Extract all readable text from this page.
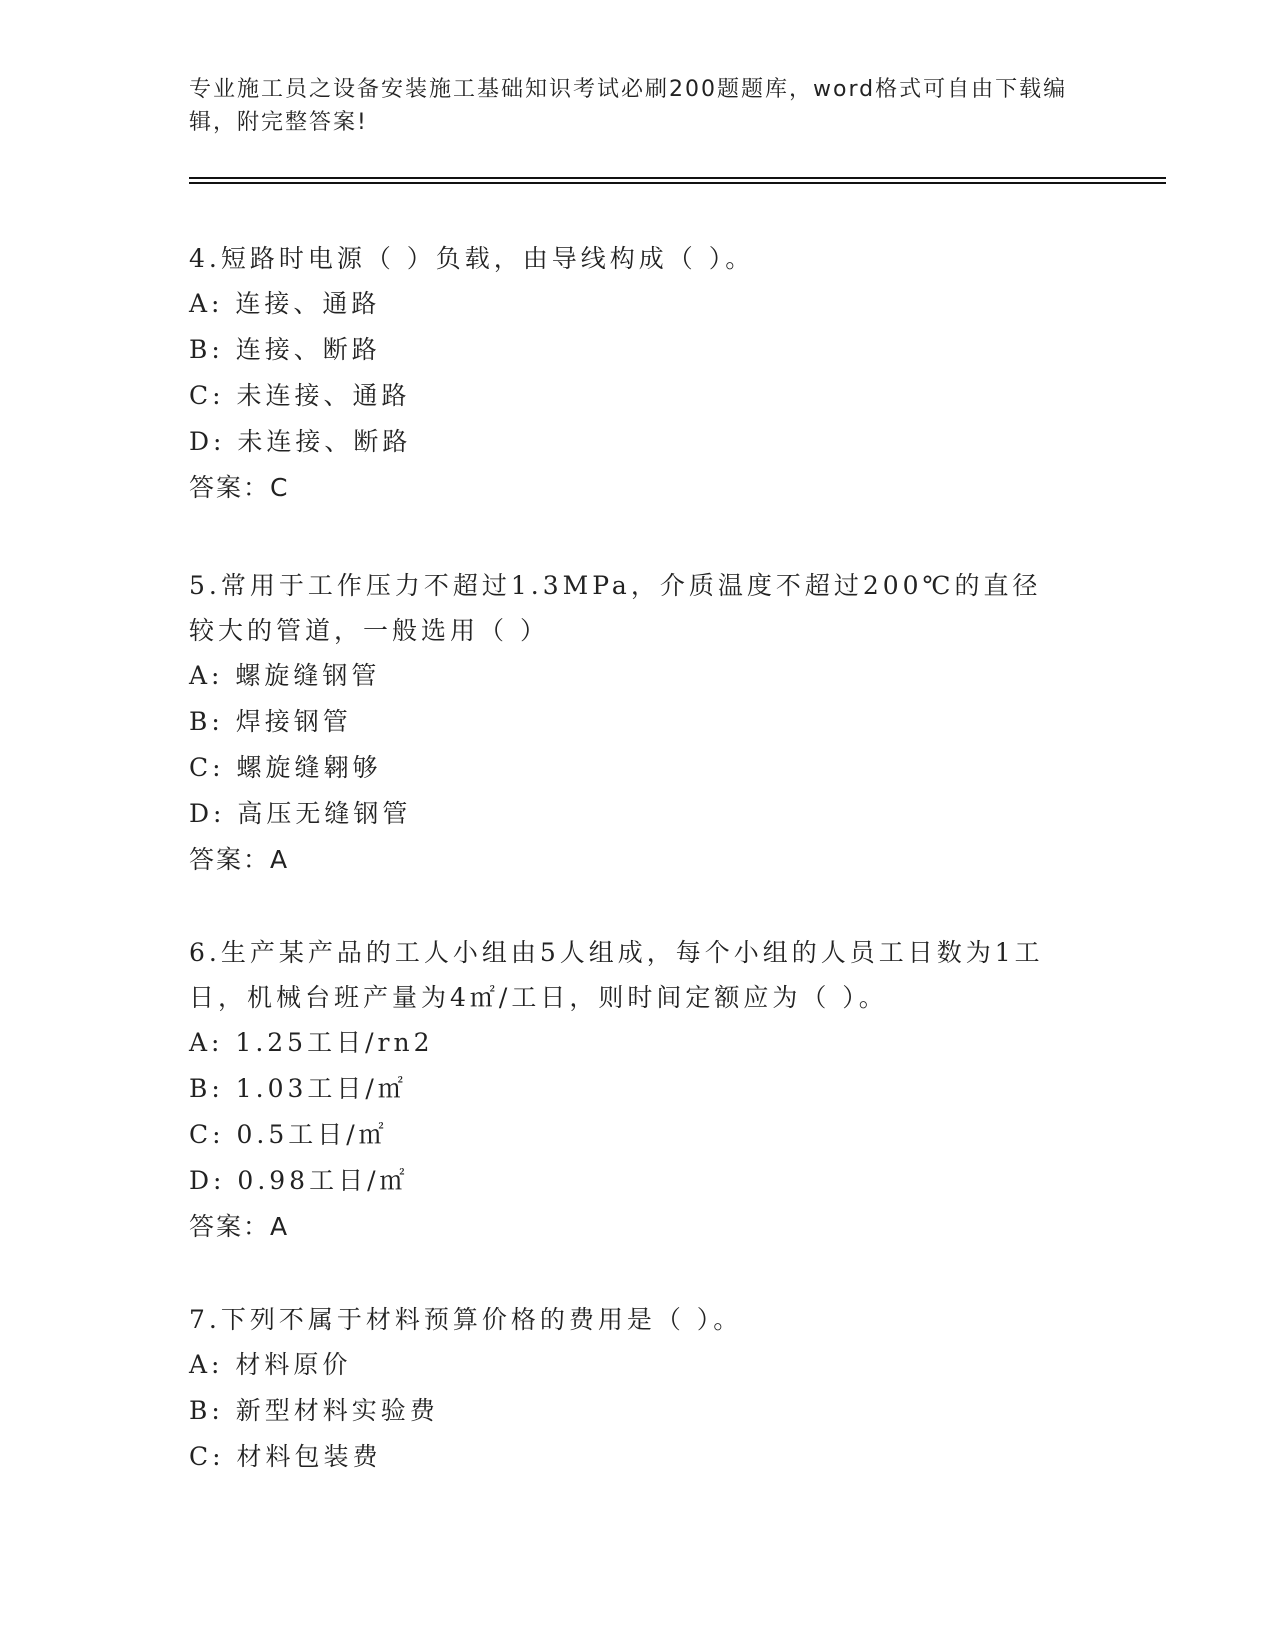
专业施工员之设备安装施工基础知识考试必刷200题题库，word格式可自由下载编辑，附完整答案!
4.短路时电源（ ）负载，由导线构成（ ）。
A: 连接、通路
B: 连接、断路
C: 未连接、通路
D: 未连接、断路
答案：C
5.常用于工作压力不超过1.3MPa，介质温度不超过200℃的直径较大的管道，一般选用（ ）
A: 螺旋缝钢管
B: 焊接钢管
C: 螺旋缝翱够
D: 高压无缝钢管
答案：A
6.生产某产品的工人小组由5人组成，每个小组的人员工日数为1工日，机械台班产量为4㎡/工日，则时间定额应为（ ）。
A: 1.25工日/rn2
B: 1.03工日/㎡
C: 0.5工日/㎡
D: 0.98工日/㎡
答案：A
7.下列不属于材料预算价格的费用是（ ）。
A: 材料原价
B: 新型材料实验费
C: 材料包装费
